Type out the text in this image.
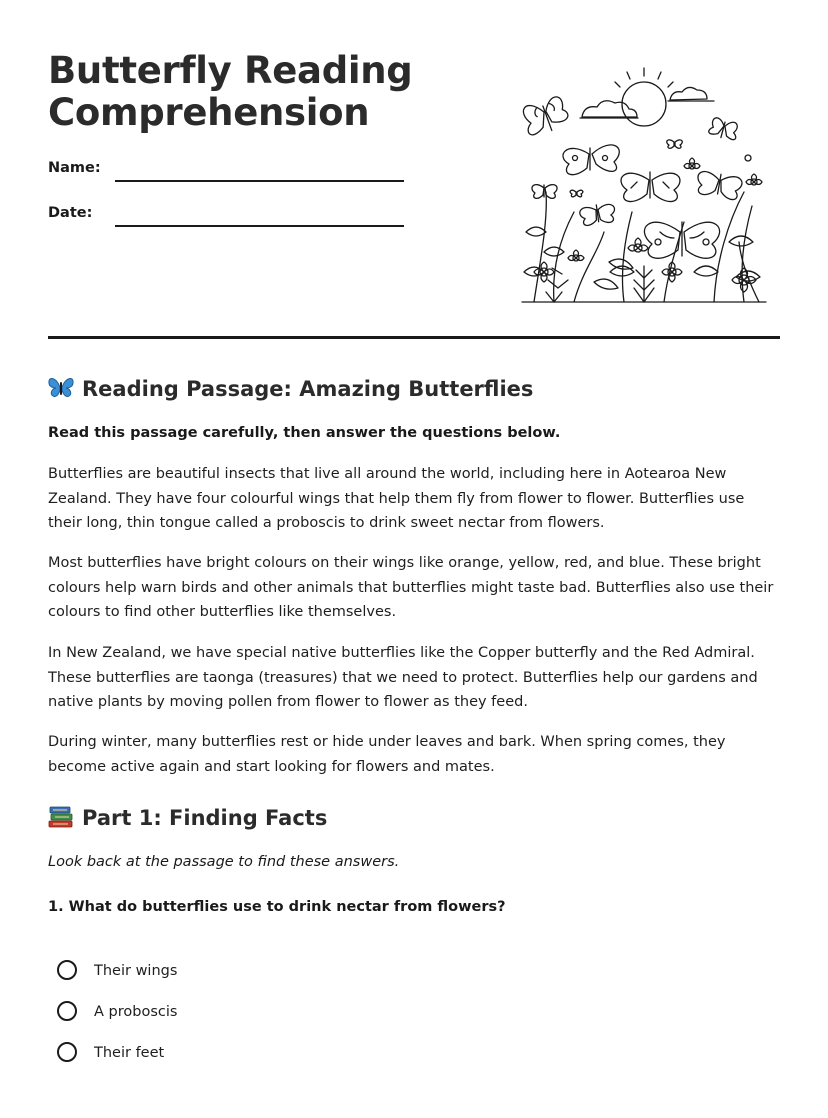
Butterfly Reading
Comprehension
Name:
Date:
Reading Passage: Amazing Butterflies
Read this passage carefully, then answer the questions below.

Butterflies are beautiful insects that live all around the world, including here in Aotearoa New Zealand. They have four colourful wings that help them fly from flower to flower. Butterflies use their long, thin tongue called a proboscis to drink sweet nectar from flowers.

Most butterflies have bright colours on their wings like orange, yellow, red, and blue. These bright colours help warn birds and other animals that butterflies might taste bad. Butterflies also use their colours to find other butterflies like themselves.

In New Zealand, we have special native butterflies like the Copper butterfly and the Red Admiral. These butterflies are taonga (treasures) that we need to protect. Butterflies help our gardens and native plants by moving pollen from flower to flower as they feed.

During winter, many butterflies rest or hide under leaves and bark. When spring comes, they become active again and start looking for flowers and mates.

Part 1: Finding Facts
Look back at the passage to find these answers.
1. What do butterflies use to drink nectar from flowers?
Their wings
A proboscis
Their feet
